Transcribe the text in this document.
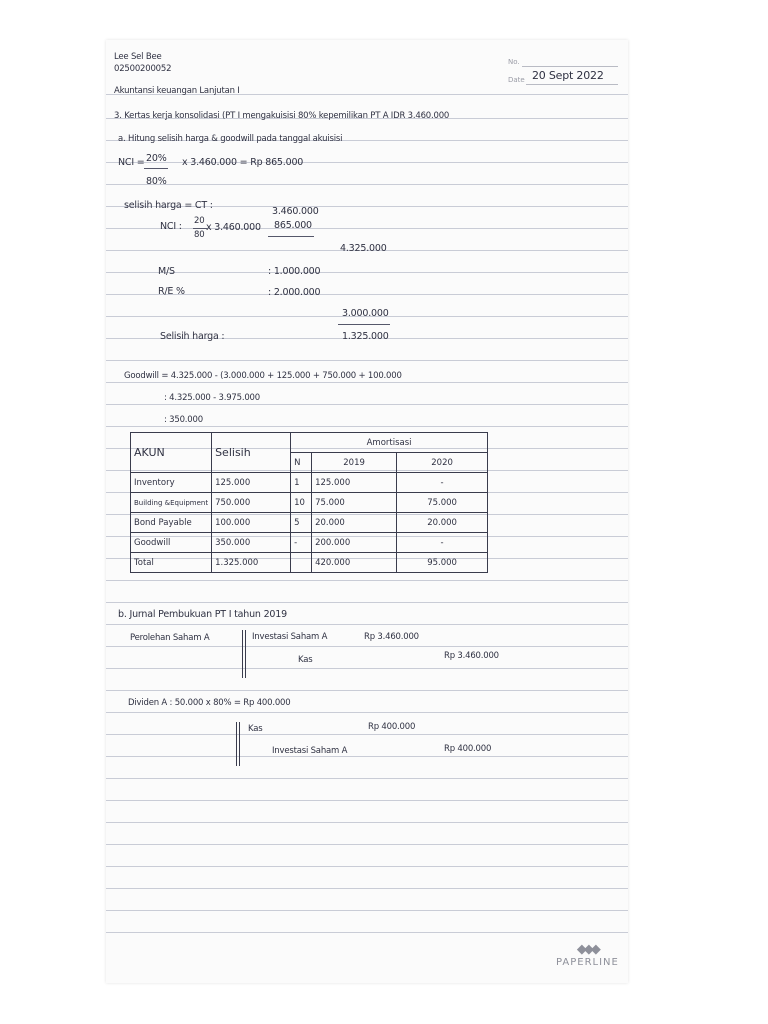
Lee Sel Bee
02500200052
Akuntansi keuangan Lanjutan I
No.
Date 20 Sept 2022
3. Kertas kerja konsolidasi (PT I mengakuisisi 80% kepemilikan PT A IDR 3.460.000
a. Hitung selisih harga & goodwill pada tanggal akuisisi
NCI = 20%
80%
x 3.460.000 = Rp 865.000
selisih harga = CT :
3.460.000
NCI : 20
80
x 3.460.000 865.000
4.325.000
M/S	: 1.000.000
R/E %	: 2.000.000
3.000.000
Selisih harga :	1.325.000
Goodwill = 4.325.000 - (3.000.000 + 125.000 + 750.000 + 100.000
: 4.325.000 - 3.975.000
: 350.000
AKUN	Selisih	Amortisasi		
		N	2019	2020
Inventory	125.000	1	125.000	-
Building &Equipment	750.000	10	75.000	75.000
Bond Payable	100.000	5	20.000	20.000
Goodwill	350.000	-	200.000	-
Total	1.325.000		420.000	95.000
b. Jurnal Pembukuan PT I tahun 2019
Perolehan Saham A	Investasi Saham A	Rp 3.460.000
Kas	Rp 3.460.000
Dividen A : 50.000 x 80% = Rp 400.000
Kas	Rp 400.000
Investasi Saham A	Rp 400.000
◆◆◆
PAPERLINE
